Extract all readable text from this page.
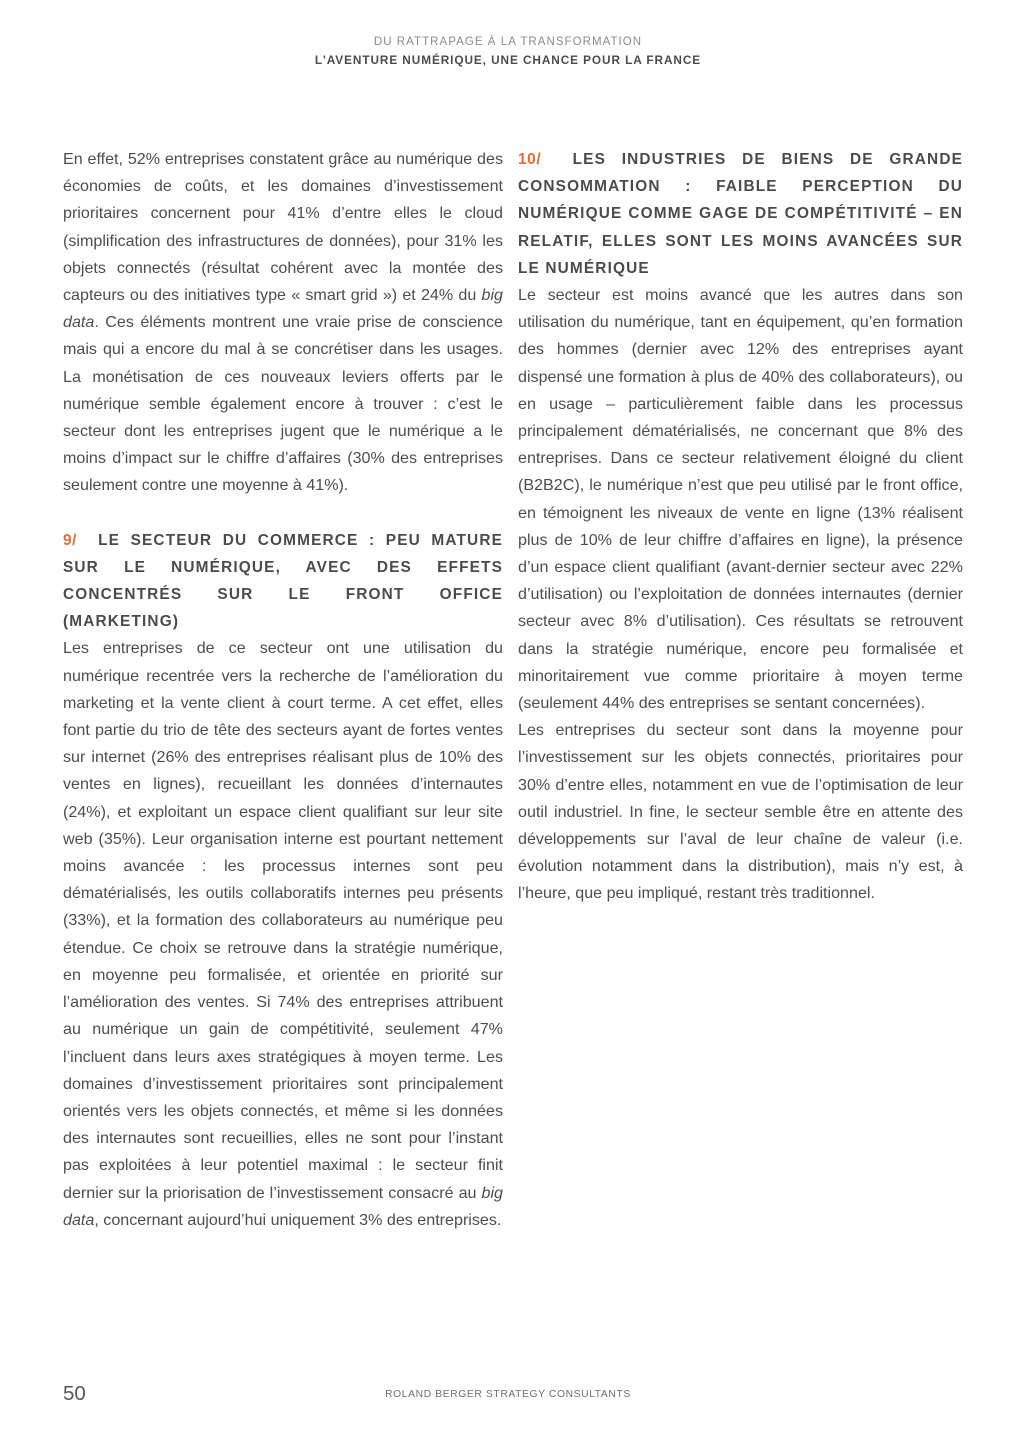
DU RATTRAPAGE À LA TRANSFORMATION
L'AVENTURE NUMÉRIQUE, UNE CHANCE POUR LA FRANCE

En effet, 52% entreprises constatent grâce au numérique des économies de coûts, et les domaines d’investissement prioritaires concernent pour 41% d’entre elles le cloud (simplification des infrastructures de données), pour 31% les objets connectés (résultat cohérent avec la montée des capteurs ou des initiatives type « smart grid ») et 24% du big data. Ces éléments montrent une vraie prise de conscience mais qui a encore du mal à se concrétiser dans les usages. La monétisation de ces nouveaux leviers offerts par le numérique semble également encore à trouver : c’est le secteur dont les entreprises jugent que le numérique a le moins d’impact sur le chiffre d’affaires (30% des entreprises seulement contre une moyenne à 41%).

9/ LE SECTEUR DU COMMERCE : PEU MATURE SUR LE NUMÉRIQUE, AVEC DES EFFETS CONCENTRÉS SUR LE FRONT OFFICE (MARKETING)

Les entreprises de ce secteur ont une utilisation du numérique recentrée vers la recherche de l’amélioration du marketing et la vente client à court terme. A cet effet, elles font partie du trio de tête des secteurs ayant de fortes ventes sur internet (26% des entreprises réalisant plus de 10% des ventes en lignes), recueillant les données d’internautes (24%), et exploitant un espace client qualifiant sur leur site web (35%). Leur organisation interne est pourtant nettement moins avancée : les processus internes sont peu dématérialisés, les outils collaboratifs internes peu présents (33%), et la formation des collaborateurs au numérique peu étendue. Ce choix se retrouve dans la stratégie numérique, en moyenne peu formalisée, et orientée en priorité sur l’amélioration des ventes. Si 74% des entreprises attribuent au numérique un gain de compétitivité, seulement 47% l’incluent dans leurs axes stratégiques à moyen terme. Les domaines d’investissement prioritaires sont principalement orientés vers les objets connectés, et même si les données des internautes sont recueillies, elles ne sont pour l’instant pas exploitées à leur potentiel maximal : le secteur finit dernier sur la priorisation de l’investissement consacré au big data, concernant aujourd’hui uniquement 3% des entreprises.

10/ LES INDUSTRIES DE BIENS DE GRANDE CONSOMMATION : FAIBLE PERCEPTION DU NUMÉRIQUE COMME GAGE DE COMPÉTITIVITÉ – EN RELATIF, ELLES SONT LES MOINS AVANCÉES SUR LE NUMÉRIQUE

Le secteur est moins avancé que les autres dans son utilisation du numérique, tant en équipement, qu’en formation des hommes (dernier avec 12% des entreprises ayant dispensé une formation à plus de 40% des collaborateurs), ou en usage – particulièrement faible dans les processus principalement dématérialisés, ne concernant que 8% des entreprises. Dans ce secteur relativement éloigné du client (B2B2C), le numérique n’est que peu utilisé par le front office, en témoignent les niveaux de vente en ligne (13% réalisent plus de 10% de leur chiffre d’affaires en ligne), la présence d’un espace client qualifiant (avant-dernier secteur avec 22% d’utilisation) ou l’exploitation de données internautes (dernier secteur avec 8% d’utilisation). Ces résultats se retrouvent dans la stratégie numérique, encore peu formalisée et minoritairement vue comme prioritaire à moyen terme (seulement 44% des entreprises se sentant concernées).

Les entreprises du secteur sont dans la moyenne pour l’investissement sur les objets connectés, prioritaires pour 30% d’entre elles, notamment en vue de l’optimisation de leur outil industriel. In fine, le secteur semble être en attente des développements sur l’aval de leur chaîne de valeur (i.e. évolution notamment dans la distribution), mais n’y est, à l’heure, que peu impliqué, restant très traditionnel.

50	ROLAND BERGER STRATEGY CONSULTANTS
